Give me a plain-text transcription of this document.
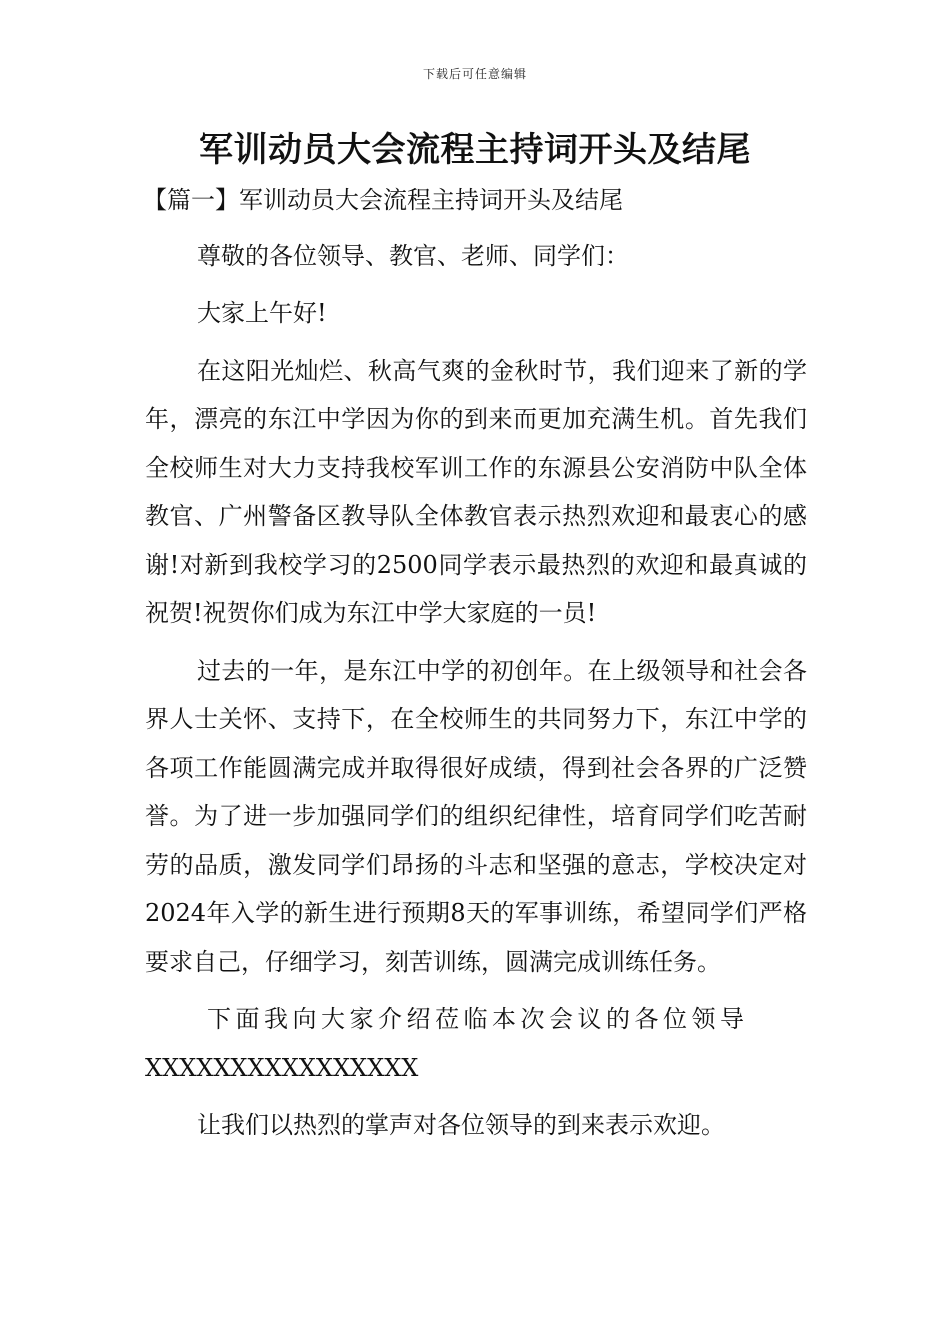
下载后可任意编辑
军训动员大会流程主持词开头及结尾

【篇一】军训动员大会流程主持词开头及结尾

尊敬的各位领导、教官、老师、同学们：

大家上午好!

在这阳光灿烂、秋高气爽的金秋时节，我们迎来了新的学年，漂亮的东江中学因为你的到来而更加充满生机。首先我们全校师生对大力支持我校军训工作的东源县公安消防中队全体教官、广州警备区教导队全体教官表示热烈欢迎和最衷心的感谢!对新到我校学习的2500同学表示最热烈的欢迎和最真诚的祝贺!祝贺你们成为东江中学大家庭的一员!

过去的一年，是东江中学的初创年。在上级领导和社会各界人士关怀、支持下，在全校师生的共同努力下，东江中学的各项工作能圆满完成并取得很好成绩，得到社会各界的广泛赞誉。为了进一步加强同学们的组织纪律性，培育同学们吃苦耐劳的品质，激发同学们昂扬的斗志和坚强的意志，学校决定对2024年入学的新生进行预期8天的军事训练，希望同学们严格要求自己，仔细学习，刻苦训练，圆满完成训练任务。

下面我向大家介绍莅临本次会议的各位领导

XXXXXXXXXXXXXXXX

让我们以热烈的掌声对各位领导的到来表示欢迎。
